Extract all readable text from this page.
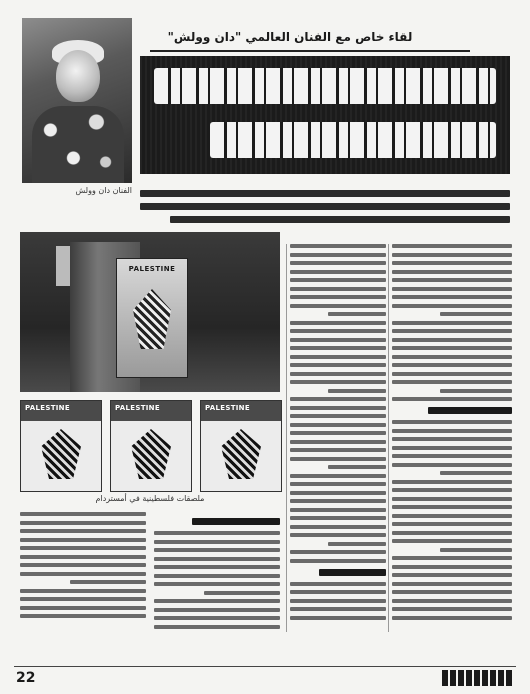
لقاء خاص مع الفنان العالمي "دان وولش"
الفنان دان وولش
PALESTINE
PALESTINE	PALESTINE	PALESTINE
ملصقات فلسطينية في أمستردام
22
